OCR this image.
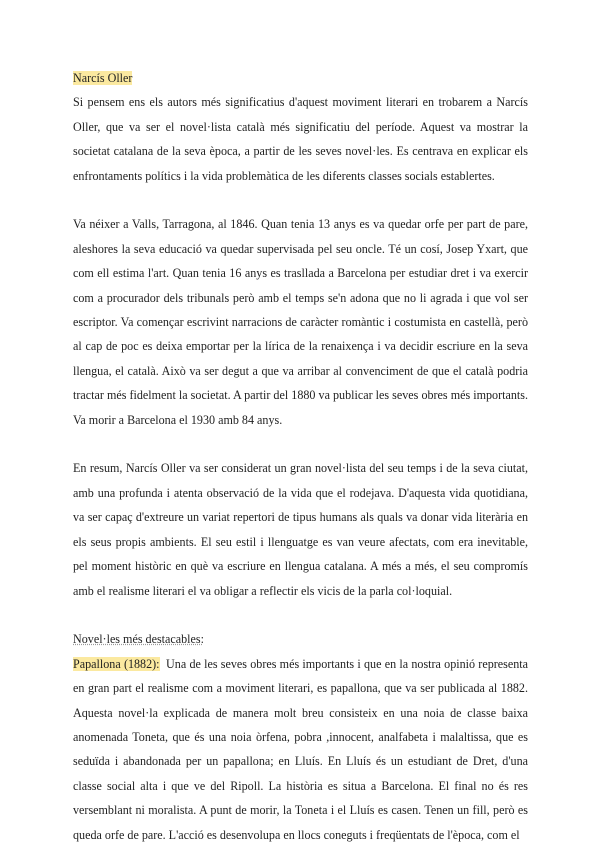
Narcís Oller

Si pensem ens els autors més significatius d'aquest moviment literari en trobarem a Narcís Oller, que va ser el novel·lista català més significatiu del període. Aquest va mostrar la societat catalana de la seva època, a partir de les seves novel·les. Es centrava en explicar els enfrontaments polítics i la vida problemàtica de les diferents classes socials establertes.

Va néixer a Valls, Tarragona, al 1846. Quan tenia 13 anys es va quedar orfe per part de pare, aleshores la seva educació va quedar supervisada pel seu oncle. Té un cosí, Josep Yxart, que com ell estima l'art. Quan tenia 16 anys es trasllada a Barcelona per estudiar dret i va exercir com a procurador dels tribunals però amb el temps se'n adona que no li agrada i que vol ser escriptor. Va començar escrivint narracions de caràcter romàntic i costumista en castellà, però al cap de poc es deixa emportar per la lírica de la renaixença i va decidir escriure en la seva llengua, el català. Això va ser degut a que va arribar al convenciment de que el català podria tractar més fidelment la societat. A partir del 1880 va publicar les seves obres més importants. Va morir a Barcelona el 1930 amb 84 anys.

En resum, Narcís Oller va ser considerat un gran novel·lista del seu temps i de la seva ciutat, amb una profunda i atenta observació de la vida que el rodejava. D'aquesta vida quotidiana, va ser capaç d'extreure un variat repertori de tipus humans als quals va donar vida literària en els seus propis ambients. El seu estil i llenguatge es van veure afectats, com era inevitable, pel moment històric en què va escriure en llengua catalana. A més a més, el seu compromís amb el realisme literari el va obligar a reflectir els vicis de la parla col·loquial.

Novel·les més destacables:

Papallona (1882): Una de les seves obres més importants i que en la nostra opinió representa en gran part el realisme com a moviment literari, es papallona, que va ser publicada al 1882. Aquesta novel·la explicada de manera molt breu consisteix en una noia de classe baixa anomenada Toneta, que és una noia òrfena, pobra ,innocent, analfabeta i malaltissa, que es seduïda i abandonada per un papallona; en Lluís. En Lluís és un estudiant de Dret, d'una classe social alta i que ve del Ripoll. La història es situa a Barcelona. El final no és res versemblant ni moralista. A punt de morir, la Toneta i el Lluís es casen. Tenen un fill, però es queda orfe de pare. L'acció es desenvolupa en llocs coneguts i freqüentats de l'època, com el
